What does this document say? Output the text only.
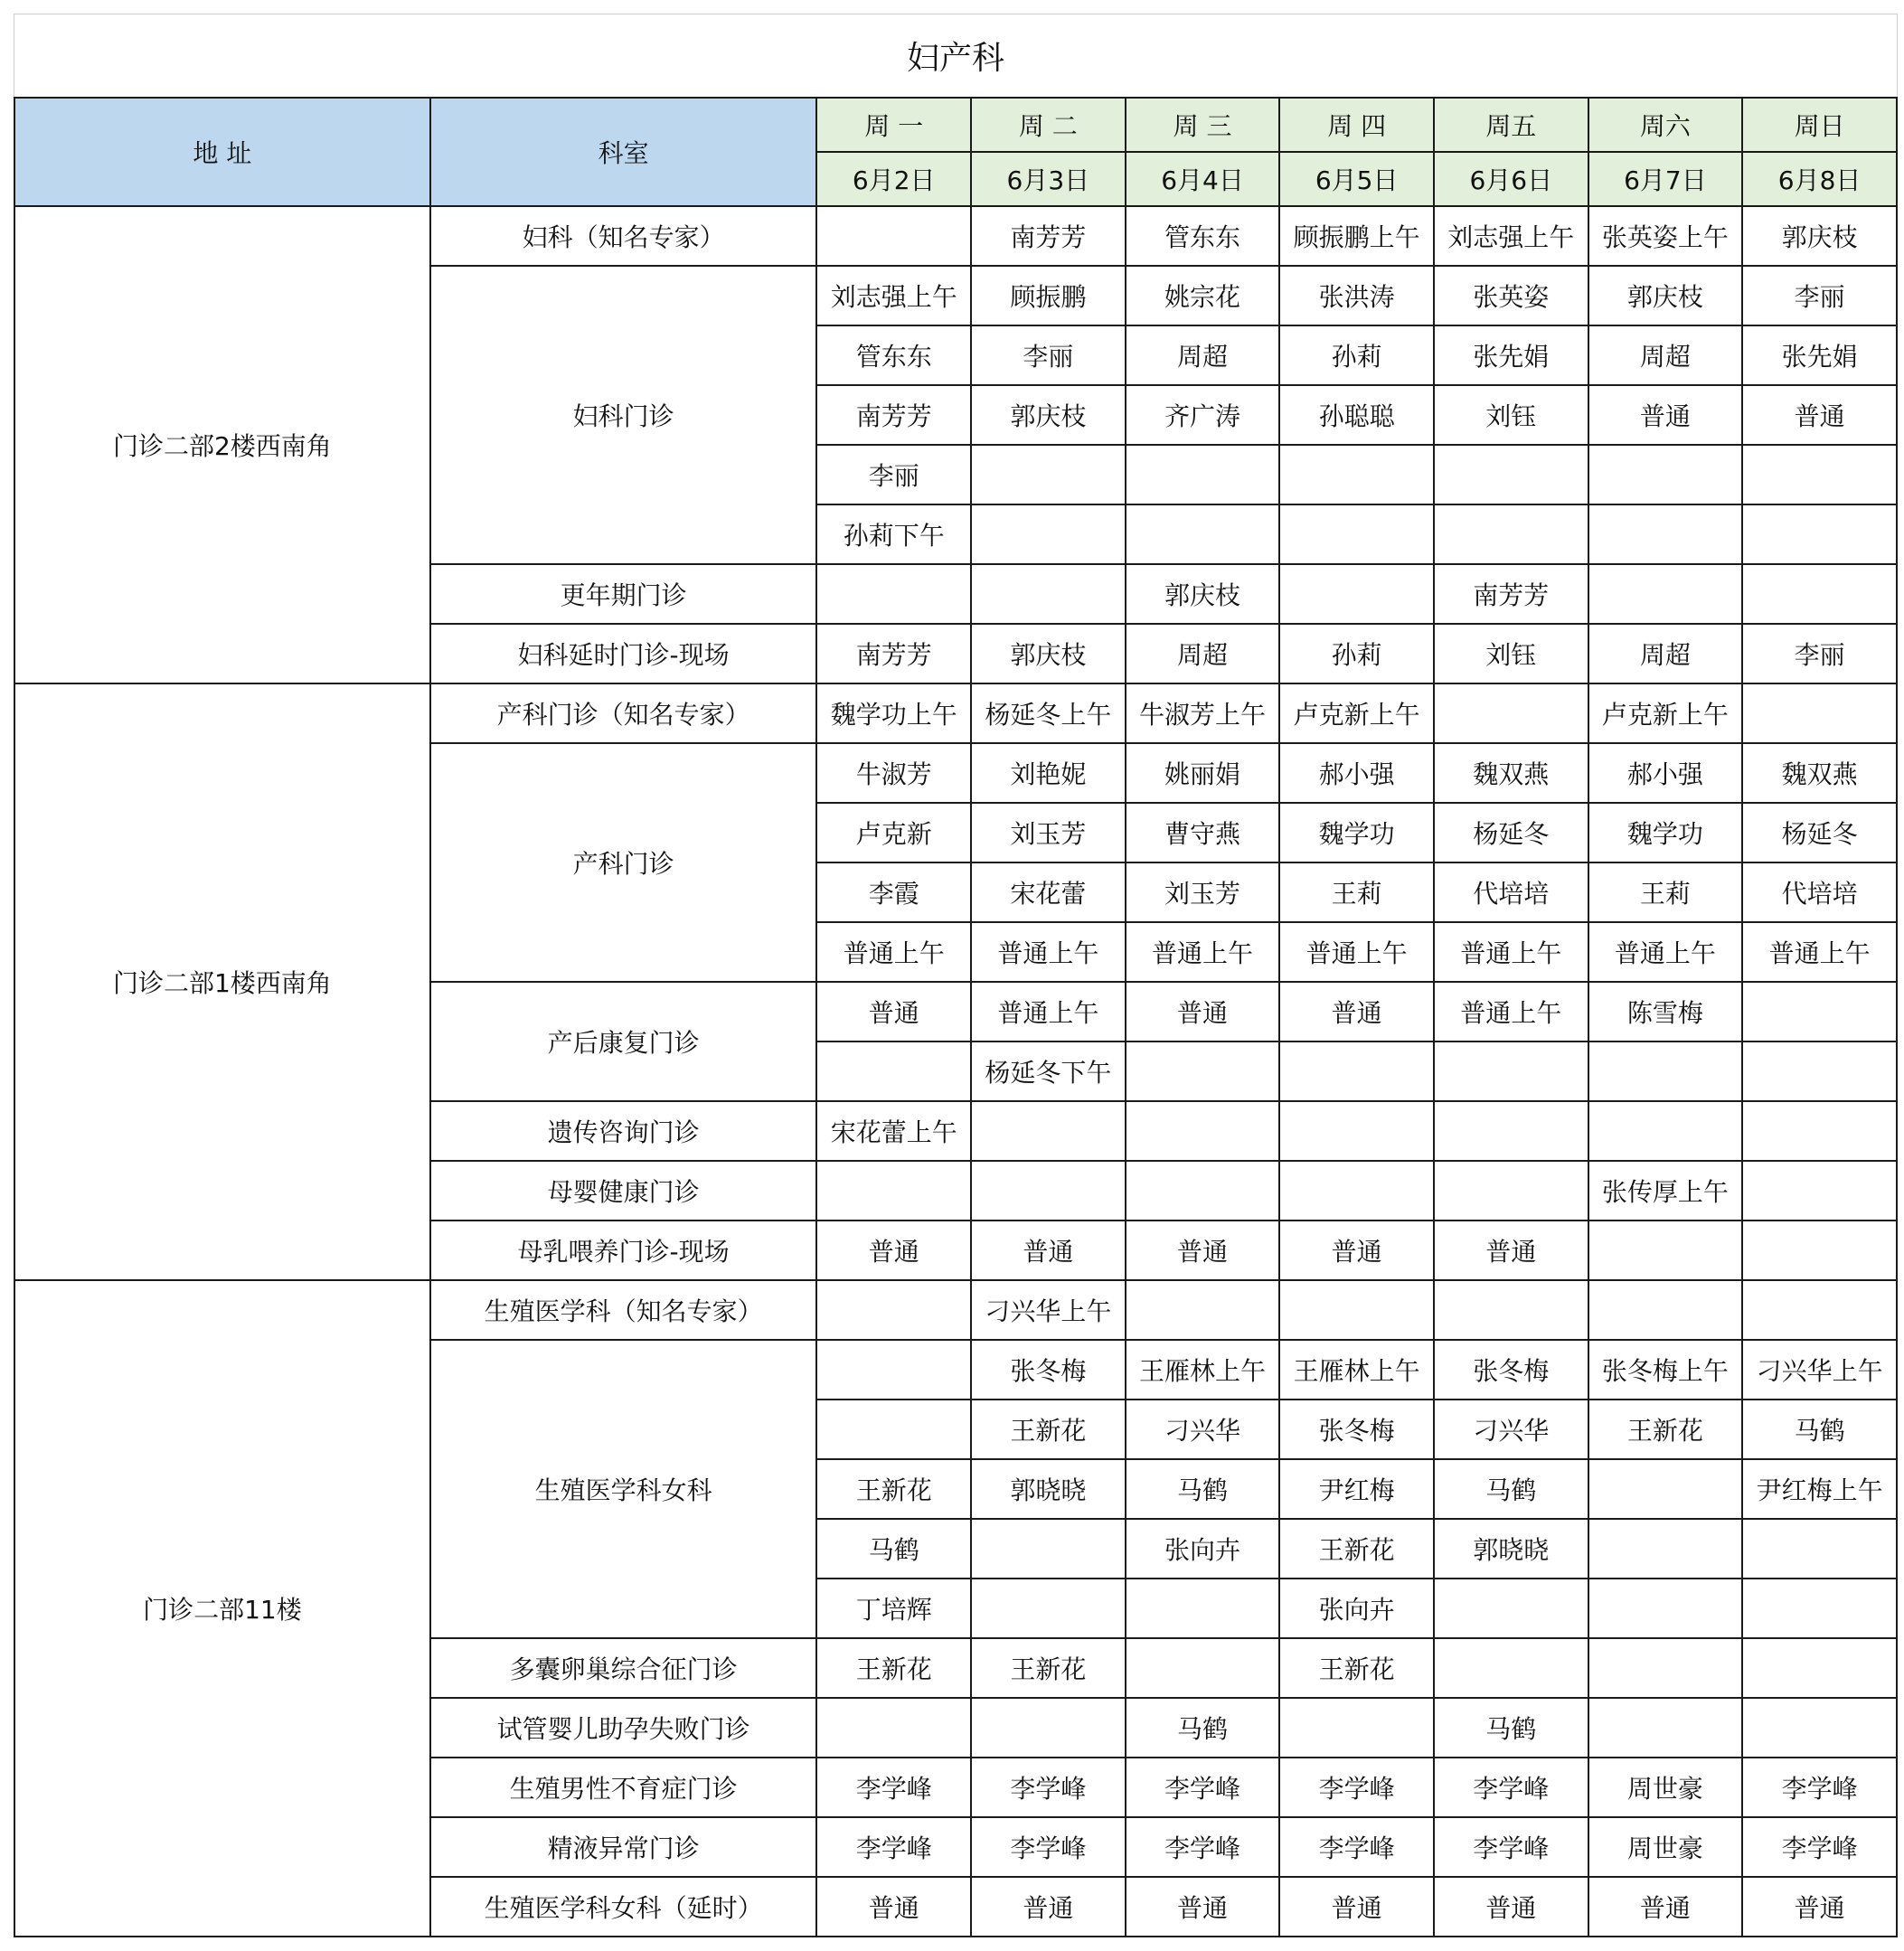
妇产科
地 址	科室	周 一	周 二	周 三	周 四	周五	周六	周日
		6月2日	6月3日	6月4日	6月5日	6月6日	6月7日	6月8日
门诊二部2楼西南角	妇科（知名专家）		南芳芳	管东东	顾振鹏上午	刘志强上午	张英姿上午	郭庆枝
	妇科门诊	刘志强上午	顾振鹏	姚宗花	张洪涛	张英姿	郭庆枝	李丽
		管东东	李丽	周超	孙莉	张先娟	周超	张先娟
		南芳芳	郭庆枝	齐广涛	孙聪聪	刘钰	普通	普通
		李丽						
		孙莉下午						
	更年期门诊			郭庆枝		南芳芳		
	妇科延时门诊-现场	南芳芳	郭庆枝	周超	孙莉	刘钰	周超	李丽
门诊二部1楼西南角	产科门诊（知名专家）	魏学功上午	杨延冬上午	牛淑芳上午	卢克新上午		卢克新上午	
	产科门诊	牛淑芳	刘艳妮	姚丽娟	郝小强	魏双燕	郝小强	魏双燕
		卢克新	刘玉芳	曹守燕	魏学功	杨延冬	魏学功	杨延冬
		李霞	宋花蕾	刘玉芳	王莉	代培培	王莉	代培培
		普通上午	普通上午	普通上午	普通上午	普通上午	普通上午	普通上午
	产后康复门诊	普通	普通上午	普通	普通	普通上午	陈雪梅	
			杨延冬下午					
	遗传咨询门诊	宋花蕾上午						
	母婴健康门诊						张传厚上午	
	母乳喂养门诊-现场	普通	普通	普通	普通	普通		
门诊二部11楼	生殖医学科（知名专家）		刁兴华上午					
	生殖医学科女科		张冬梅	王雁林上午	王雁林上午	张冬梅	张冬梅上午	刁兴华上午
			王新花	刁兴华	张冬梅	刁兴华	王新花	马鹤
		王新花	郭晓晓	马鹤	尹红梅	马鹤		尹红梅上午
		马鹤		张向卉	王新花	郭晓晓		
		丁培辉			张向卉			
	多囊卵巢综合征门诊	王新花	王新花		王新花			
	试管婴儿助孕失败门诊			马鹤		马鹤		
	生殖男性不育症门诊	李学峰	李学峰	李学峰	李学峰	李学峰	周世豪	李学峰
	精液异常门诊	李学峰	李学峰	李学峰	李学峰	李学峰	周世豪	李学峰
	生殖医学科女科（延时）	普通	普通	普通	普通	普通	普通	普通
